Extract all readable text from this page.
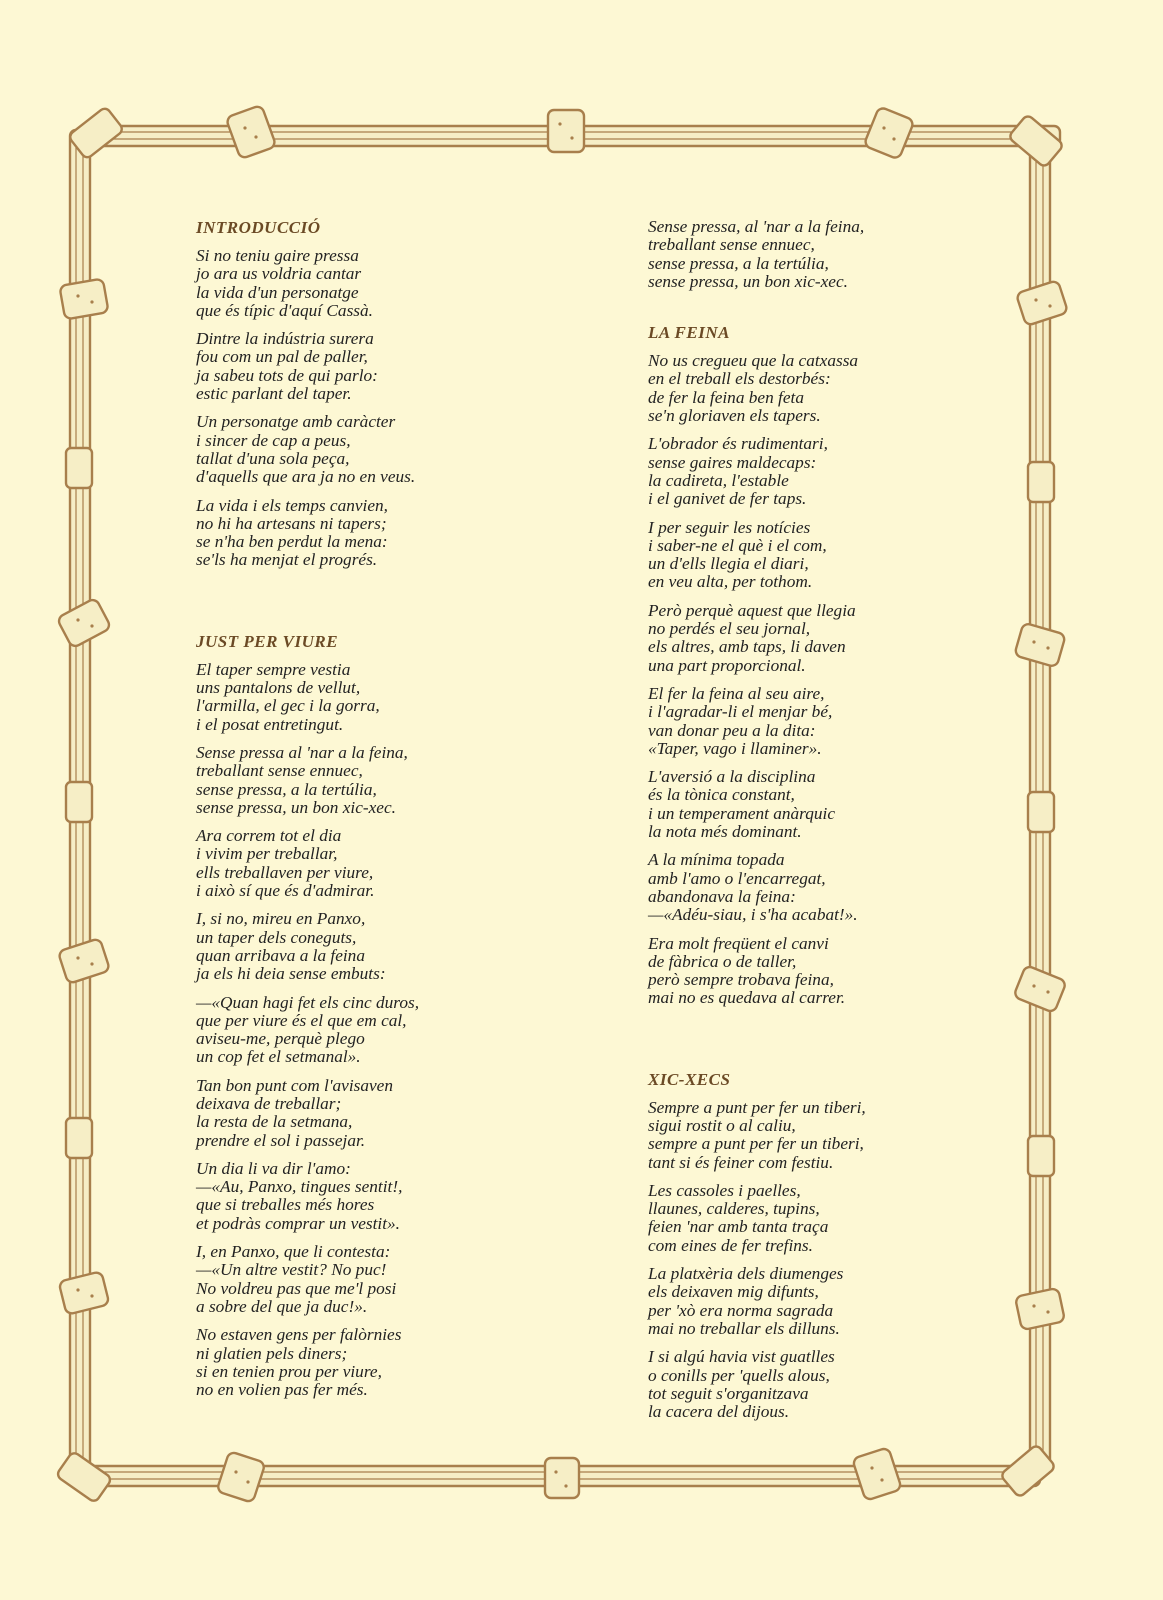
INTRODUCCIÓ

Si no teniu gaire pressa
jo ara us voldria cantar
la vida d'un personatge
que és típic d'aquí Cassà.

Dintre la indústria surera
fou com un pal de paller,
ja sabeu tots de qui parlo:
estic parlant del taper.

Un personatge amb caràcter
i sincer de cap a peus,
tallat d'una sola peça,
d'aquells que ara ja no en veus.

La vida i els temps canvien,
no hi ha artesans ni tapers;
se n'ha ben perdut la mena:
se'ls ha menjat el progrés.

JUST PER VIURE

El taper sempre vestia
uns pantalons de vellut,
l'armilla, el gec i la gorra,
i el posat entretingut.

Sense pressa al 'nar a la feina,
treballant sense ennuec,
sense pressa, a la tertúlia,
sense pressa, un bon xic-xec.

Ara correm tot el dia
i vivim per treballar,
ells treballaven per viure,
i això sí que és d'admirar.

I, si no, mireu en Panxo,
un taper dels coneguts,
quan arribava a la feina
ja els hi deia sense embuts:

—«Quan hagi fet els cinc duros,
que per viure és el que em cal,
aviseu-me, perquè plego
un cop fet el setmanal».

Tan bon punt com l'avisaven
deixava de treballar;
la resta de la setmana,
prendre el sol i passejar.

Un dia li va dir l'amo:
—«Au, Panxo, tingues sentit!,
que si treballes més hores
et podràs comprar un vestit».

I, en Panxo, que li contesta:
—«Un altre vestit? No puc!
No voldreu pas que me'l posi
a sobre del que ja duc!».

No estaven gens per falòrnies
ni glatien pels diners;
si en tenien prou per viure,
no en volien pas fer més.

Sense pressa, al 'nar a la feina,
treballant sense ennuec,
sense pressa, a la tertúlia,
sense pressa, un bon xic-xec.

LA FEINA

No us cregueu que la catxassa
en el treball els destorbés:
de fer la feina ben feta
se'n gloriaven els tapers.

L'obrador és rudimentari,
sense gaires maldecaps:
la cadireta, l'estable
i el ganivet de fer taps.

I per seguir les notícies
i saber-ne el què i el com,
un d'ells llegia el diari,
en veu alta, per tothom.

Però perquè aquest que llegia
no perdés el seu jornal,
els altres, amb taps, li daven
una part proporcional.

El fer la feina al seu aire,
i l'agradar-li el menjar bé,
van donar peu a la dita:
«Taper, vago i llaminer».

L'aversió a la disciplina
és la tònica constant,
i un temperament anàrquic
la nota més dominant.

A la mínima topada
amb l'amo o l'encarregat,
abandonava la feina:
—«Adéu-siau, i s'ha acabat!».

Era molt freqüent el canvi
de fàbrica o de taller,
però sempre trobava feina,
mai no es quedava al carrer.

XIC-XECS

Sempre a punt per fer un tiberi,
sigui rostit o al caliu,
sempre a punt per fer un tiberi,
tant si és feiner com festiu.

Les cassoles i paelles,
llaunes, calderes, tupins,
feien 'nar amb tanta traça
com eines de fer trefins.

La platxèria dels diumenges
els deixaven mig difunts,
per 'xò era norma sagrada
mai no treballar els dilluns.

I si algú havia vist guatlles
o conills per 'quells alous,
tot seguit s'organitzava
la cacera del dijous.
